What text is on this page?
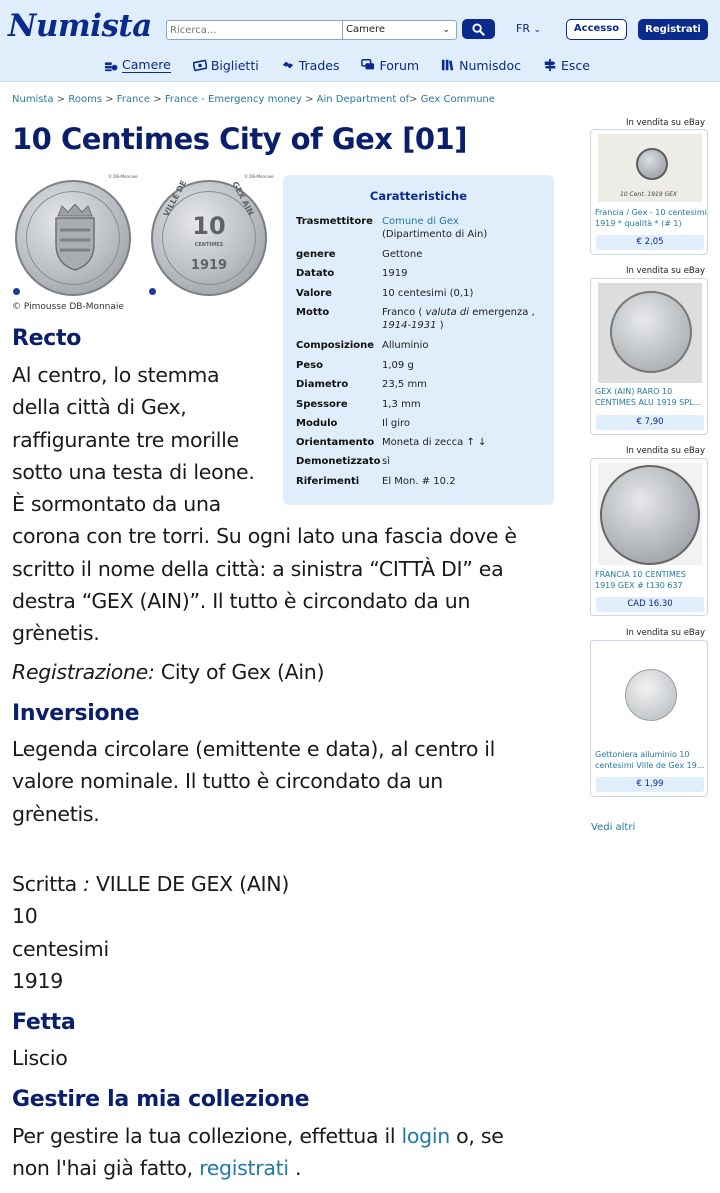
Numista
Ricerca...	Camere	⌄	FR ⌄	Accesso	Registrati
Camere	Biglietti	Trades	Forum	Numisdoc	Esce
Numista > Rooms > France > France - Emergency money > Ain Department of> Gex Commune
10 Centimes City of Gex [01]
© DB-Monnaie	© DB-Monnaie
10
CENTIMES
1919
VILLE DE	GEX AIN
© Pimousse DB-Monnaie
Caratteristiche
Trasmettitore Comune di Gex
(Dipartimento di Ain)
genere	Gettone
Datato	1919
Valore	10 centesimi (0,1)
Motto	Franco ( valuta di emergenza ,
1914-1931 )
Composizione Alluminio
Peso	1,09 g
Diametro	23,5 mm
Spessore	1,3 mm
Modulo	Il giro
Orientamento Moneta di zecca ↑ ↓
Demonetizzato sì
Riferimenti	El Mon. # 10.2
Recto
Al centro, lo stemma
della città di Gex,
raffigurante tre morille
sotto una testa di leone.
È sormontato da una
corona con tre torri. Su ogni lato una fascia dove è
scritto il nome della città: a sinistra “CITTÀ DI” ea
destra “GEX (AIN)”. Il tutto è circondato da un
grènetis.
Registrazione: City of Gex (Ain)
Inversione
Legenda circolare (emittente e data), al centro il
valore nominale. Il tutto è circondato da un
grènetis.
Scritta : VILLE DE GEX (AIN)
10
centesimi
1919
Fetta
Liscio
Gestire la mia collezione
Per gestire la tua collezione, effettua il login o, se
non l'hai già fatto, registrati .
In vendita su eBay
10 Cent. 1919 GEX
Francia / Gex - 10 centesimi 1919 * qualità * (# 1)
€ 2,05
In vendita su eBay
GEX (AIN) RARO 10 CENTIMES ALU 1919 SPL...
€ 7,90
In vendita su eBay
FRANCIA 10 CENTIMES 1919 GEX # t130 637
CAD 16.30
In vendita su eBay
Gettoniera alluminio 10 centesimi Ville de Gex 19...
€ 1,99
Vedi altri
